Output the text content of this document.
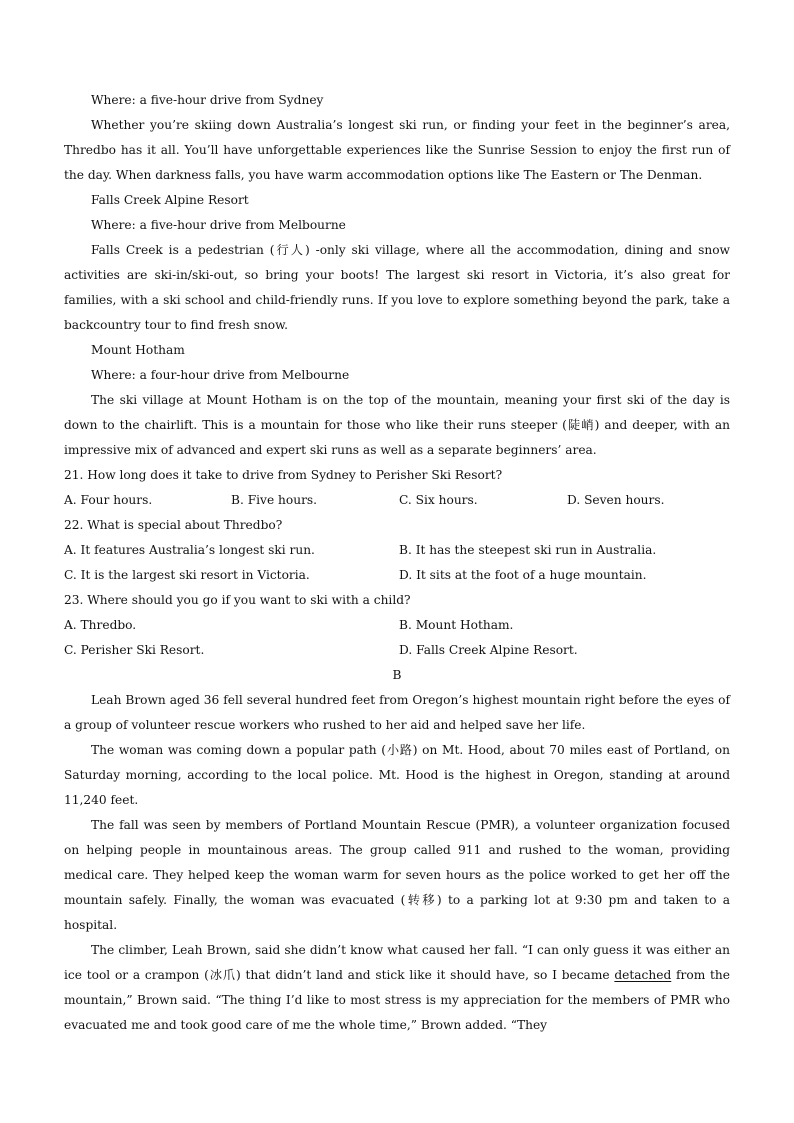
Where: a five-hour drive from Sydney

Whether you’re skiing down Australia’s longest ski run, or finding your feet in the beginner’s area, Thredbo has it all. You’ll have unforgettable experiences like the Sunrise Session to enjoy the first run of the day. When darkness falls, you have warm accommodation options like The Eastern or The Denman.

Falls Creek Alpine Resort

Where: a five-hour drive from Melbourne

Falls Creek is a pedestrian (行人) -only ski village, where all the accommodation, dining and snow activities are ski-in/ski-out, so bring your boots! The largest ski resort in Victoria, it’s also great for families, with a ski school and child-friendly runs. If you love to explore something beyond the park, take a backcountry tour to find fresh snow.

Mount Hotham

Where: a four-hour drive from Melbourne

The ski village at Mount Hotham is on the top of the mountain, meaning your first ski of the day is down to the chairlift. This is a mountain for those who like their runs steeper (陡峭) and deeper, with an impressive mix of advanced and expert ski runs as well as a separate beginners’ area.

21. How long does it take to drive from Sydney to Perisher Ski Resort?

A. Four hours.	B. Five hours.	C. Six hours.	D. Seven hours.

22. What is special about Thredbo?

A. It features Australia’s longest ski run.	B. It has the steepest ski run in Australia.
C. It is the largest ski resort in Victoria.	D. It sits at the foot of a huge mountain.

23. Where should you go if you want to ski with a child?

A. Thredbo.	B. Mount Hotham.
C. Perisher Ski Resort.	D. Falls Creek Alpine Resort.

B

Leah Brown aged 36 fell several hundred feet from Oregon’s highest mountain right before the eyes of a group of volunteer rescue workers who rushed to her aid and helped save her life.

The woman was coming down a popular path (小路) on Mt. Hood, about 70 miles east of Portland, on Saturday morning, according to the local police. Mt. Hood is the highest in Oregon, standing at around 11,240 feet.

The fall was seen by members of Portland Mountain Rescue (PMR), a volunteer organization focused on helping people in mountainous areas. The group called 911 and rushed to the woman, providing medical care. They helped keep the woman warm for seven hours as the police worked to get her off the mountain safely. Finally, the woman was evacuated (转移) to a parking lot at 9:30 pm and taken to a hospital.

The climber, Leah Brown, said she didn’t know what caused her fall. “I can only guess it was either an ice tool or a crampon (冰爪) that didn’t land and stick like it should have, so I became detached from the mountain,” Brown said. “The thing I’d like to most stress is my appreciation for the members of PMR who evacuated me and took good care of me the whole time,” Brown added. “They
